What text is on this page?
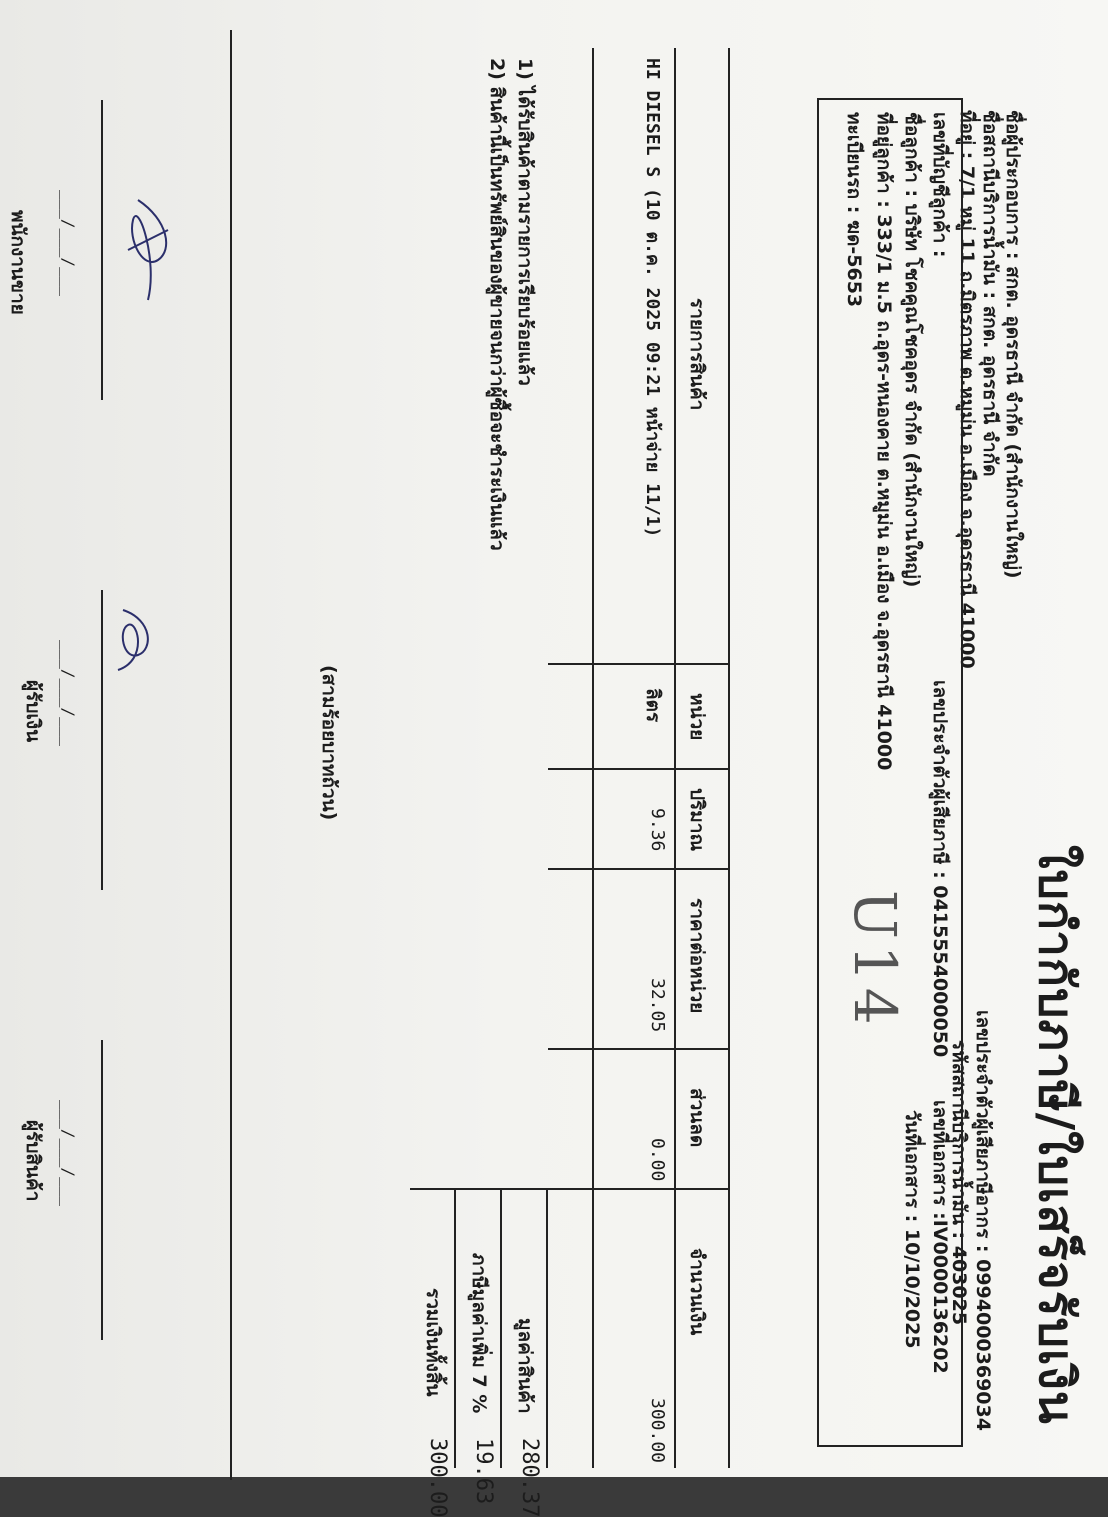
ใบกำกับภาษี/ใบเสร็จรับเงิน
ชื่อผู้ประกอบการ : สกต. อุดรธานี จำกัด (สำนักงานใหญ่)
ชื่อสถานีบริการน้ำมัน : สกต. อุดรธานี จำกัด
ที่อยู่ : 7/1 หมู่ 11 ถ.มิตรภาพ ต.หมูม่น อ.เมือง จ.อุดรธานี 41000
เลขประจำตัวผู้เสียภาษีอากร : 0994000369034
รหัสสถานีบริการน้ำมัน : 403025
เลขที่บัญชีลูกค้า :
ชื่อลูกค้า : บริษัท โชคคูณโชคอุดร จำกัด (สำนักงานใหญ่)
ที่อยู่ลูกค้า : 333/1 ม.5 ถ.อุดร-หนองคาย ต.หมูม่น อ.เมือง จ.อุดรธานี 41000
ทะเบียนรถ : ฆด-5653
เลขประจำตัวผู้เสียภาษี : 0415554000050
เลขที่เอกสาร :IV0000136202
วันที่เอกสาร : 10/10/2025
U14
รายการสินค้า
หน่วย
ปริมาณ
ราคาต่อหน่วย
ส่วนลด
จำนวนเงิน
HI DIESEL S (10 ต.ค. 2025 09:21 หน้าจ่าย 11/1)
ลิตร
9.36
32.05
0.00
300.00
1) ได้รับสินค้าตามรายการเรียบร้อยแล้ว
2) สินค้านี้เป็นทรัพย์สินของผู้ขายจนกว่าผู้ซื้อจะชำระเงินแล้ว
มูลค่าสินค้า
280.37
ภาษีมูลค่าเพิ่ม 7 %
19.63
รวมเงินทั้งสิ้น
300.00
(สามร้อยบาทถ้วน)
___/___/___
___/___/___
___/___/___
พนักงานขาย
ผู้รับเงิน
ผู้รับสินค้า
